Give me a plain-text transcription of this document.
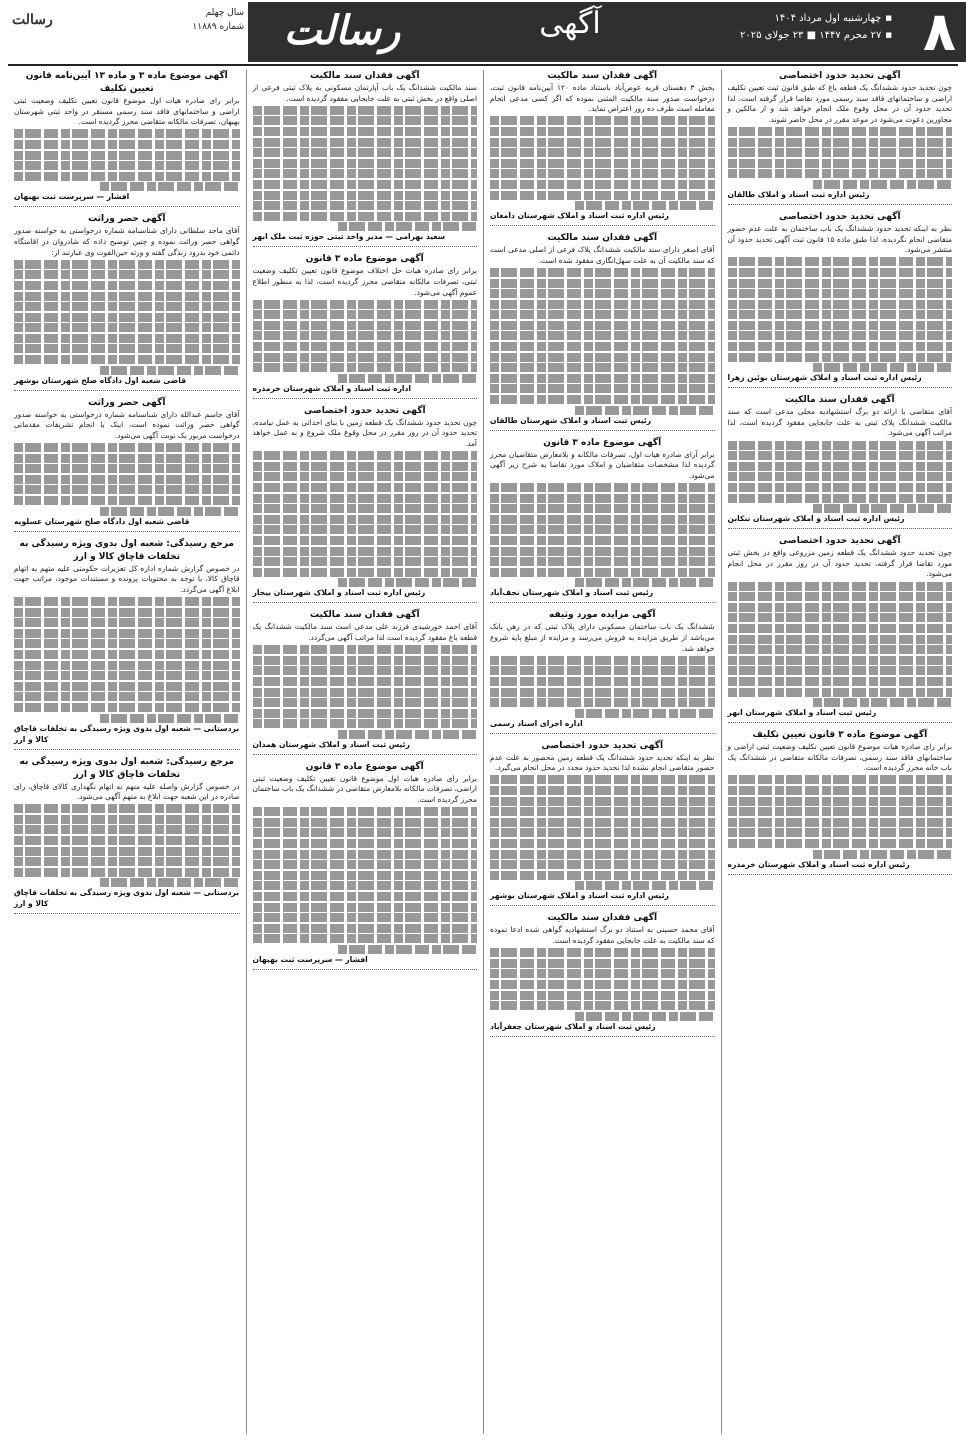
۸
■ چهارشنبه اول مرداد ۱۴۰۴
■ ۲۷ محرم ۱۴۴۷ ■ ۲۳ جولای ۲۰۲۵
آگهی
رسالت
سال چهلم
شماره ۱۱۸۸۹
رسالت
آگهی تحدید حدود اختصاصی
چون تحدید حدود ششدانگ یک قطعه باغ که طبق قانون ثبت تعیین تکلیف اراضی و ساختمانهای فاقد سند رسمی مورد تقاضا قرار گرفته است، لذا تحدید حدود آن در محل وقوع ملک انجام خواهد شد و از مالکین و مجاورین دعوت می‌شود در موعد مقرر در محل حاضر شوند.
رئیس اداره ثبت اسناد و املاک طالقان
آگهی تحدید حدود اختصاصی
نظر به اینکه تحدید حدود ششدانگ یک باب ساختمان به علت عدم حضور متقاضی انجام نگردیده، لذا طبق ماده ۱۵ قانون ثبت آگهی تحدید حدود آن منتشر می‌شود.
رئیس اداره ثبت اسناد و املاک شهرستان بوئین زهرا
آگهی فقدان سند مالکیت
آقای متقاضی با ارائه دو برگ استشهادیه محلی مدعی است که سند مالکیت ششدانگ پلاک ثبتی به علت جابجایی مفقود گردیده است، لذا مراتب آگهی می‌شود.
رئیس اداره ثبت اسناد و املاک شهرستان تنکابن
آگهی تحدید حدود اختصاصی
چون تحدید حدود ششدانگ یک قطعه زمین مزروعی واقع در بخش ثبتی مورد تقاضا قرار گرفته، تحدید حدود آن در روز مقرر در محل انجام می‌شود.
رئیس ثبت اسناد و املاک شهرستان ابهر
آگهی موضوع ماده ۳ قانون تعیین تکلیف
برابر رای صادره هیات موضوع قانون تعیین تکلیف وضعیت ثبتی اراضی و ساختمانهای فاقد سند رسمی، تصرفات مالکانه متقاضی در ششدانگ یک باب خانه محرز گردیده است.
رئیس اداره ثبت اسناد و املاک شهرستان خرمدره
آگهی فقدان سند مالکیت
بخش ۳ دهستان قریه عوض‌آباد باستناد ماده ۱۲۰ آیین‌نامه قانون ثبت، درخواست صدور سند مالکیت المثنی نموده که اگر کسی مدعی انجام معامله است ظرف ده روز اعتراض نماید.
رئیس اداره ثبت اسناد و املاک شهرستان دامغان
آگهی فقدان سند مالکیت
آقای اصغر دارای سند مالکیت ششدانگ پلاک فرعی از اصلی مدعی است که سند مالکیت آن به علت سهل‌انگاری مفقود شده است.
رئیس ثبت اسناد و املاک شهرستان طالقان
آگهی موضوع ماده ۳ قانون
برابر آرای صادره هیات اول، تصرفات مالکانه و بلامعارض متقاضیان محرز گردیده لذا مشخصات متقاضیان و املاک مورد تقاضا به شرح زیر آگهی می‌شود.
رئیس ثبت اسناد و املاک شهرستان نجف‌آباد
آگهی مزایده مورد وثیقه
ششدانگ یک باب ساختمان مسکونی دارای پلاک ثبتی که در رهن بانک می‌باشد از طریق مزایده به فروش می‌رسد و مزایده از مبلغ پایه شروع خواهد شد.
اداره اجرای اسناد رسمی
آگهی تحدید حدود اختصاصی
نظر به اینکه تحدید حدود ششدانگ یک قطعه زمین محصور به علت عدم حضور متقاضی انجام نشده لذا تحدید حدود مجدد در محل انجام می‌گیرد.
رئیس اداره ثبت اسناد و املاک شهرستان بوشهر
آگهی فقدان سند مالکیت
آقای محمد حسینی به استناد دو برگ استشهادیه گواهی شده ادعا نموده که سند مالکیت به علت جابجایی مفقود گردیده است.
رئیس ثبت اسناد و املاک شهرستان جعفرآباد
آگهی فقدان سند مالکیت
سند مالکیت ششدانگ یک باب آپارتمان مسکونی به پلاک ثبتی فرعی از اصلی واقع در بخش ثبتی به علت جابجایی مفقود گردیده است.
سعید بهرامی — مدیر واحد ثبتی حوزه ثبت ملک ابهر
آگهی موضوع ماده ۳ قانون
برابر رای صادره هیات حل اختلاف موضوع قانون تعیین تکلیف وضعیت ثبتی، تصرفات مالکانه متقاضی محرز گردیده است، لذا به منظور اطلاع عموم آگهی می‌شود.
اداره ثبت اسناد و املاک شهرستان خرمدره
آگهی تحدید حدود اختصاصی
چون تحدید حدود ششدانگ یک قطعه زمین با بنای احداثی به عمل نیامده، تحدید حدود آن در روز مقرر در محل وقوع ملک شروع و به عمل خواهد آمد.
رئیس اداره ثبت اسناد و املاک شهرستان بیجار
آگهی فقدان سند مالکیت
آقای احمد خورشیدی فرزند علی مدعی است سند مالکیت ششدانگ یک قطعه باغ مفقود گردیده است لذا مراتب آگهی می‌گردد.
رئیس ثبت اسناد و املاک شهرستان همدان
آگهی موضوع ماده ۳ قانون
برابر رای صادره هیات اول موضوع قانون تعیین تکلیف وضعیت ثبتی اراضی، تصرفات مالکانه بلامعارض متقاضی در ششدانگ یک باب ساختمان محرز گردیده است.
افشار — سرپرست ثبت بهبهان
آگهی موضوع ماده ۳ و ماده ۱۳ آیین‌نامه قانون تعیین تکلیف
برابر رای صادره هیات اول موضوع قانون تعیین تکلیف وضعیت ثبتی اراضی و ساختمانهای فاقد سند رسمی مستقر در واحد ثبتی شهرستان بهبهان، تصرفات مالکانه متقاضی محرز گردیده است.
افشار — سرپرست ثبت بهبهان
آگهی حصر وراثت
آقای ماجد سلطانی دارای شناسنامه شماره درخواستی به خواسته صدور گواهی حصر وراثت نموده و چنین توضیح داده که شادروان در اقامتگاه دائمی خود بدرود زندگی گفته و ورثه حین‌الفوت وی عبارتند از:
قاضی شعبه اول دادگاه صلح شهرستان بوشهر
آگهی حصر وراثت
آقای جاسم عبدالله دارای شناسنامه شماره درخواستی به خواسته صدور گواهی حصر وراثت نموده است، اینک با انجام تشریفات مقدماتی درخواست مزبور یک نوبت آگهی می‌شود.
قاضی شعبه اول دادگاه صلح شهرستان عسلویه
مرجع رسیدگی: شعبه اول بدوی ویژه رسیدگی به تخلفات قاچاق کالا و ارز
در خصوص گزارش شماره اداره کل تعزیرات حکومتی علیه متهم به اتهام قاچاق کالا، با توجه به محتویات پرونده و مستندات موجود، مراتب جهت ابلاغ آگهی می‌گردد.
بردستانی — شعبه اول بدوی ویژه رسیدگی به تخلفات قاچاق کالا و ارز
مرجع رسیدگی: شعبه اول بدوی ویژه رسیدگی به تخلفات قاچاق کالا و ارز
در خصوص گزارش واصله علیه متهم به اتهام نگهداری کالای قاچاق، رای صادره در این شعبه جهت ابلاغ به متهم آگهی می‌شود.
بردستانی — شعبه اول بدوی ویژه رسیدگی به تخلفات قاچاق کالا و ارز
